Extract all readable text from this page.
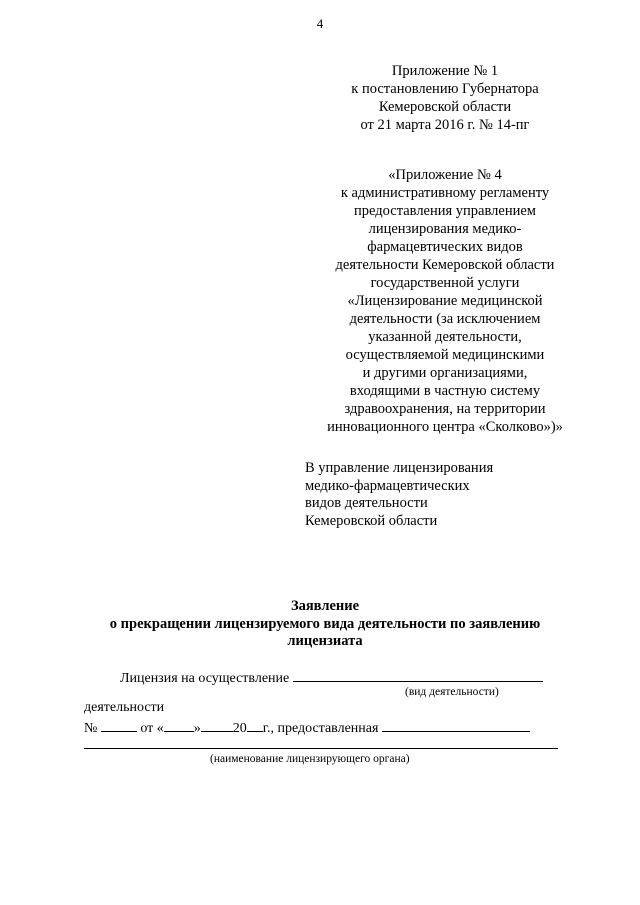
4
Приложение № 1
к постановлению Губернатора
Кемеровской области
от 21 марта 2016 г. № 14-пг
«Приложение № 4
к административному регламенту
предоставления управлением
лицензирования медико-
фармацевтических видов
деятельности Кемеровской области
государственной услуги
«Лицензирование медицинской
деятельности (за исключением
указанной деятельности,
осуществляемой медицинскими
и другими организациями,
входящими в частную систему
здравоохранения, на территории
инновационного центра «Сколково»)»
В управление лицензирования
медико-фармацевтических
видов деятельности
Кемеровской области
Заявление
о прекращении лицензируемого вида деятельности по заявлению
лицензиата
Лицензия на осуществление
(вид деятельности)
деятельности
№	от « » 20 г., предоставленная
(наименование лицензирующего органа)
